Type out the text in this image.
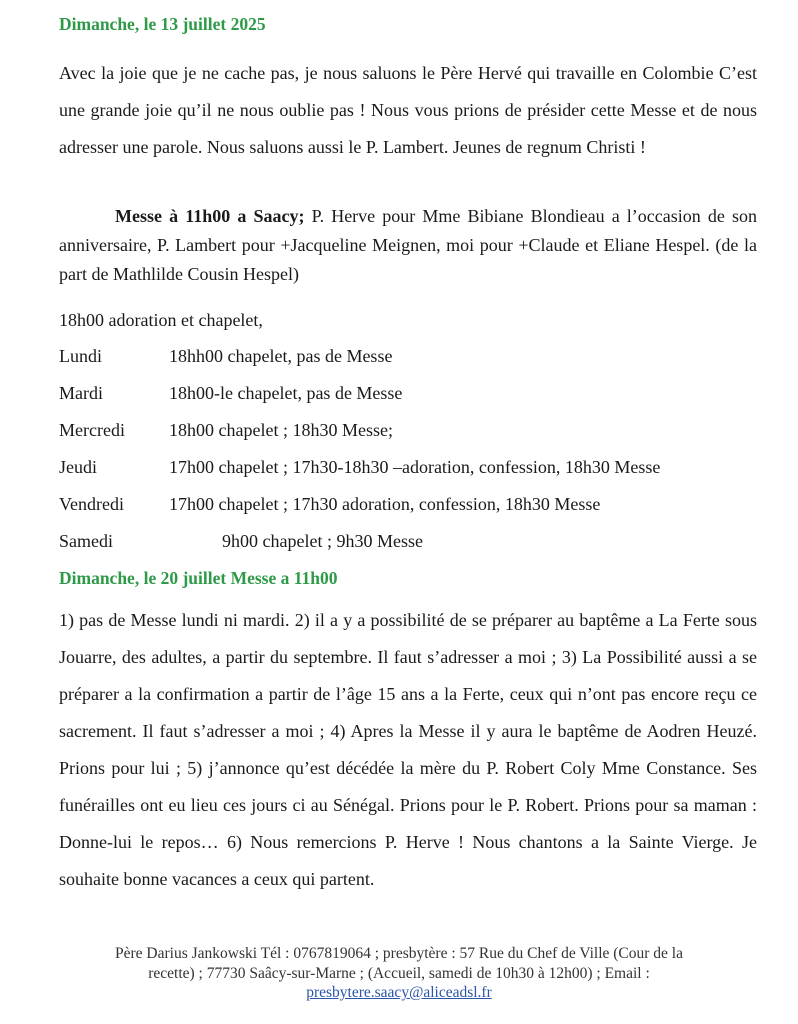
Dimanche, le 13 juillet 2025
Avec la joie que je ne cache pas, je nous saluons le Père Hervé qui travaille en Colombie C’est une grande joie qu’il ne nous oublie pas ! Nous vous prions de présider cette Messe et de nous adresser une parole. Nous saluons aussi le P. Lambert. Jeunes de regnum Christi !
Messe à 11h00 a Saacy; P. Herve pour Mme Bibiane Blondieau a l’occasion de son anniversaire, P. Lambert pour +Jacqueline Meignen, moi pour +Claude et Eliane Hespel. (de la part de Mathlilde Cousin Hespel)
18h00 adoration et chapelet,
Lundi	18hh00 chapelet, pas de Messe
Mardi	18h00-le chapelet, pas de Messe
Mercredi 18h00 chapelet ; 18h30 Messe;
Jeudi	17h00 chapelet ; 17h30-18h30 –adoration, confession, 18h30 Messe
Vendredi	17h00 chapelet ; 17h30 adoration, confession, 18h30 Messe
Samedi	9h00 chapelet ; 9h30 Messe
Dimanche, le 20 juillet Messe a 11h00
1) pas de Messe lundi ni mardi. 2) il a y a possibilité de se préparer au baptême a La Ferte sous Jouarre, des adultes, a partir du septembre. Il faut s’adresser a moi ; 3) La Possibilité aussi a se préparer a la confirmation a partir de l’âge 15 ans a la Ferte, ceux qui n’ont pas encore reçu ce sacrement. Il faut s’adresser a moi ; 4) Apres la Messe il y aura le baptême de Aodren Heuzé. Prions pour lui ; 5) j’annonce qu’est décédée la mère du P. Robert Coly Mme Constance. Ses funérailles ont eu lieu ces jours ci au Sénégal. Prions pour le P. Robert. Prions pour sa maman : Donne-lui le repos… 6) Nous remercions P. Herve ! Nous chantons a la Sainte Vierge. Je souhaite bonne vacances a ceux qui partent.
Père Darius Jankowski Tél : 0767819064 ; presbytère : 57 Rue du Chef de Ville (Cour de la
recette) ; 77730 Saâcy-sur-Marne ; (Accueil, samedi de 10h30 à 12h00) ; Email :
presbytere.saacy@aliceadsl.fr
